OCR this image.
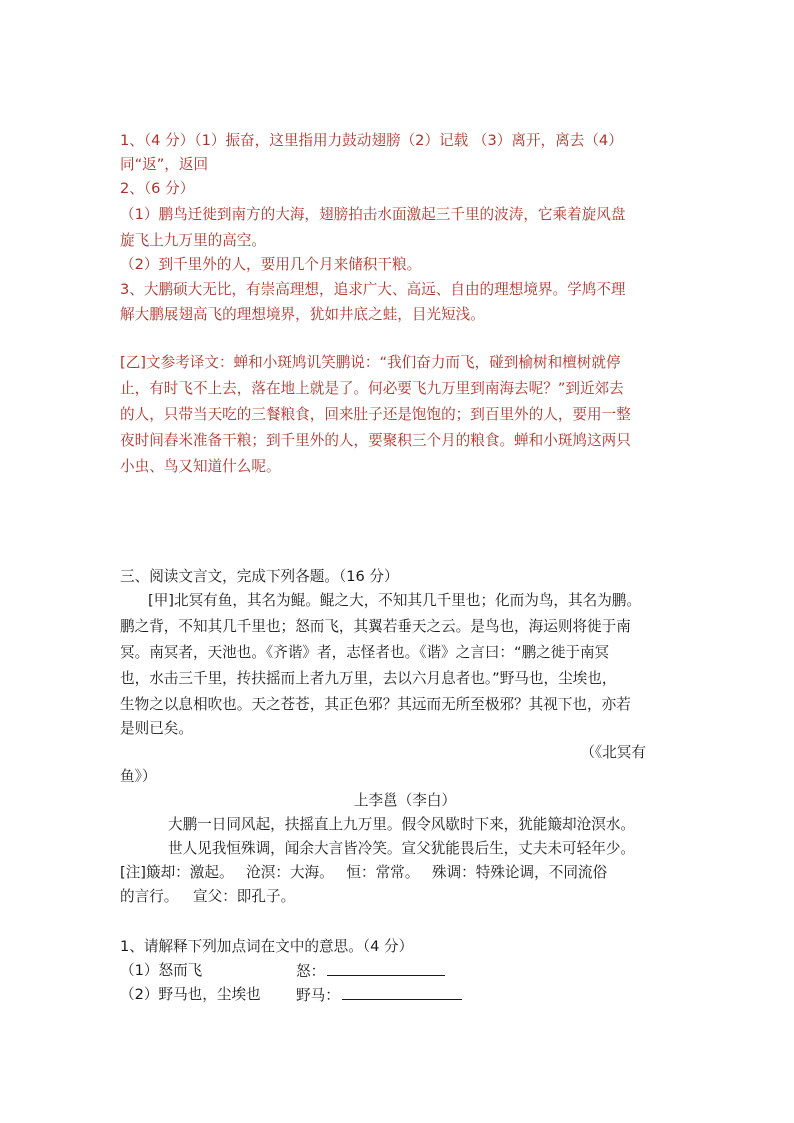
1、（4 分）（1）振奋，这里指用力鼓动翅膀（2）记载 （3）离开，离去（4）
同“返”，返回
2、（6 分）
（1）鹏鸟迁徙到南方的大海，翅膀拍击水面激起三千里的波涛，它乘着旋风盘
旋飞上九万里的高空。
（2）到千里外的人，要用几个月来储积干粮。
3、大鹏硕大无比，有崇高理想，追求广大、高远、自由的理想境界。学鸠不理
解大鹏展翅高飞的理想境界，犹如井底之蛙，目光短浅。
[乙]文参考译文：蝉和小斑鸠讥笑鹏说：“我们奋力而飞，碰到榆树和檀树就停
止，有时飞不上去，落在地上就是了。何必要飞九万里到南海去呢？”到近郊去
的人，只带当天吃的三餐粮食，回来肚子还是饱饱的；到百里外的人，要用一整
夜时间舂米准备干粮；到千里外的人，要聚积三个月的粮食。蝉和小斑鸠这两只
小虫、鸟又知道什么呢。
三、阅读文言文，完成下列各题。（16 分）
[甲]北冥有鱼，其名为鲲。鲲之大，不知其几千里也；化而为鸟，其名为鹏。
鹏之背，不知其几千里也；怒而飞，其翼若垂天之云。是鸟也，海运则将徙于南
冥。南冥者，天池也。《齐谐》者，志怪者也。《谐》之言曰：“鹏之徙于南冥
也，水击三千里，抟扶摇而上者九万里，去以六月息者也。”野马也，尘埃也，
生物之以息相吹也。天之苍苍，其正色邪？其远而无所至极邪？其视下也，亦若
是则已矣。
（《北冥有
鱼》）
上李邕（李白）
大鹏一日同风起，扶摇直上九万里。假令风歇时下来，犹能簸却沧溟水。
世人见我恒殊调，闻余大言皆冷笑。宣父犹能畏后生，丈夫未可轻年少。
[注]簸却：激起。 沧溟：大海。 恒：常常。 殊调：特殊论调，不同流俗
的言行。 宣父：即孔子。
1、请解释下列加点词在文中的意思。（4 分）
（1）怒而飞	怒：
（2）野马也，尘埃也 野马：
